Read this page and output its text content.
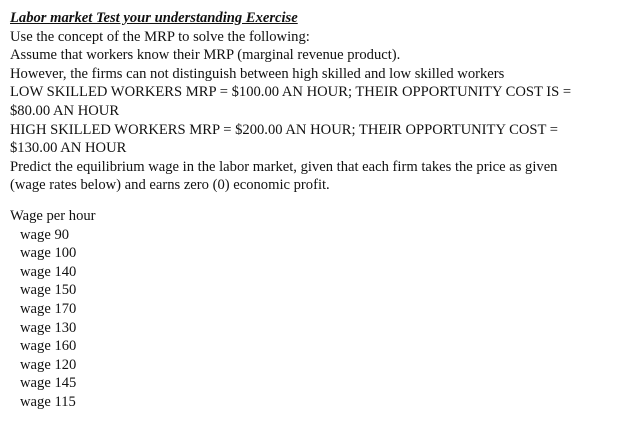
Labor market Test your understanding Exercise
Use the concept of the MRP to solve the following:
Assume that workers know their MRP (marginal revenue product).
However, the firms can not distinguish between high skilled and low skilled workers
LOW SKILLED WORKERS MRP = $100.00 AN HOUR; THEIR OPPORTUNITY COST IS =
$80.00 AN HOUR
HIGH SKILLED WORKERS MRP = $200.00 AN HOUR; THEIR OPPORTUNITY COST =
$130.00 AN HOUR
Predict the equilibrium wage in the labor market, given that each firm takes the price as given
(wage rates below) and earns zero (0) economic profit.
Wage per hour
wage 90
wage 100
wage 140
wage 150
wage 170
wage 130
wage 160
wage 120
wage 145
wage 115
